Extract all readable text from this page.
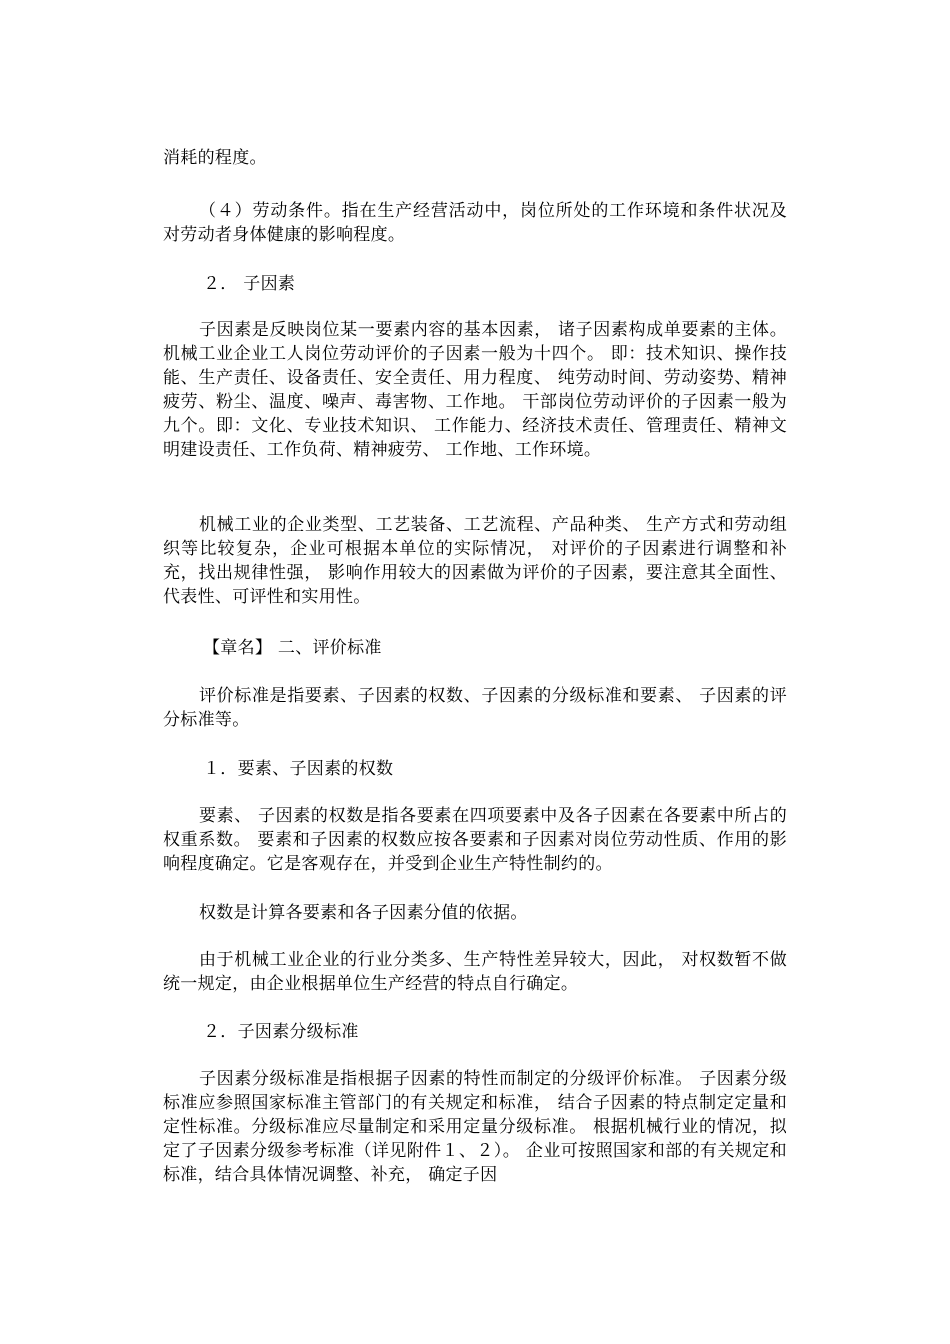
消耗的程度。

（４）劳动条件。指在生产经营活动中，岗位所处的工作环境和条件状况及对劳动者身体健康的影响程度。

２． 子因素

子因素是反映岗位某一要素内容的基本因素， 诸子因素构成单要素的主体。机械工业企业工人岗位劳动评价的子因素一般为十四个。 即：技术知识、操作技能、生产责任、设备责任、安全责任、用力程度、 纯劳动时间、劳动姿势、精神疲劳、粉尘、温度、噪声、毒害物、工作地。 干部岗位劳动评价的子因素一般为九个。即：文化、专业技术知识、 工作能力、经济技术责任、管理责任、精神文明建设责任、工作负荷、精神疲劳、 工作地、工作环境。

机械工业的企业类型、工艺装备、工艺流程、产品种类、 生产方式和劳动组织等比较复杂，企业可根据本单位的实际情况， 对评价的子因素进行调整和补充，找出规律性强， 影响作用较大的因素做为评价的子因素，要注意其全面性、代表性、可评性和实用性。

【章名】 二、评价标准

评价标准是指要素、子因素的权数、子因素的分级标准和要素、 子因素的评分标准等。

１．要素、子因素的权数

要素、 子因素的权数是指各要素在四项要素中及各子因素在各要素中所占的权重系数。 要素和子因素的权数应按各要素和子因素对岗位劳动性质、作用的影响程度确定。它是客观存在，并受到企业生产特性制约的。

权数是计算各要素和各子因素分值的依据。

由于机械工业企业的行业分类多、生产特性差异较大，因此， 对权数暂不做统一规定，由企业根据单位生产经营的特点自行确定。

２．子因素分级标准

子因素分级标准是指根据子因素的特性而制定的分级评价标准。 子因素分级标准应参照国家标准主管部门的有关规定和标准， 结合子因素的特点制定定量和定性标准。分级标准应尽量制定和采用定量分级标准。 根据机械行业的情况，拟定了子因素分级参考标准（详见附件１、２）。 企业可按照国家和部的有关规定和标准，结合具体情况调整、补充， 确定子因
